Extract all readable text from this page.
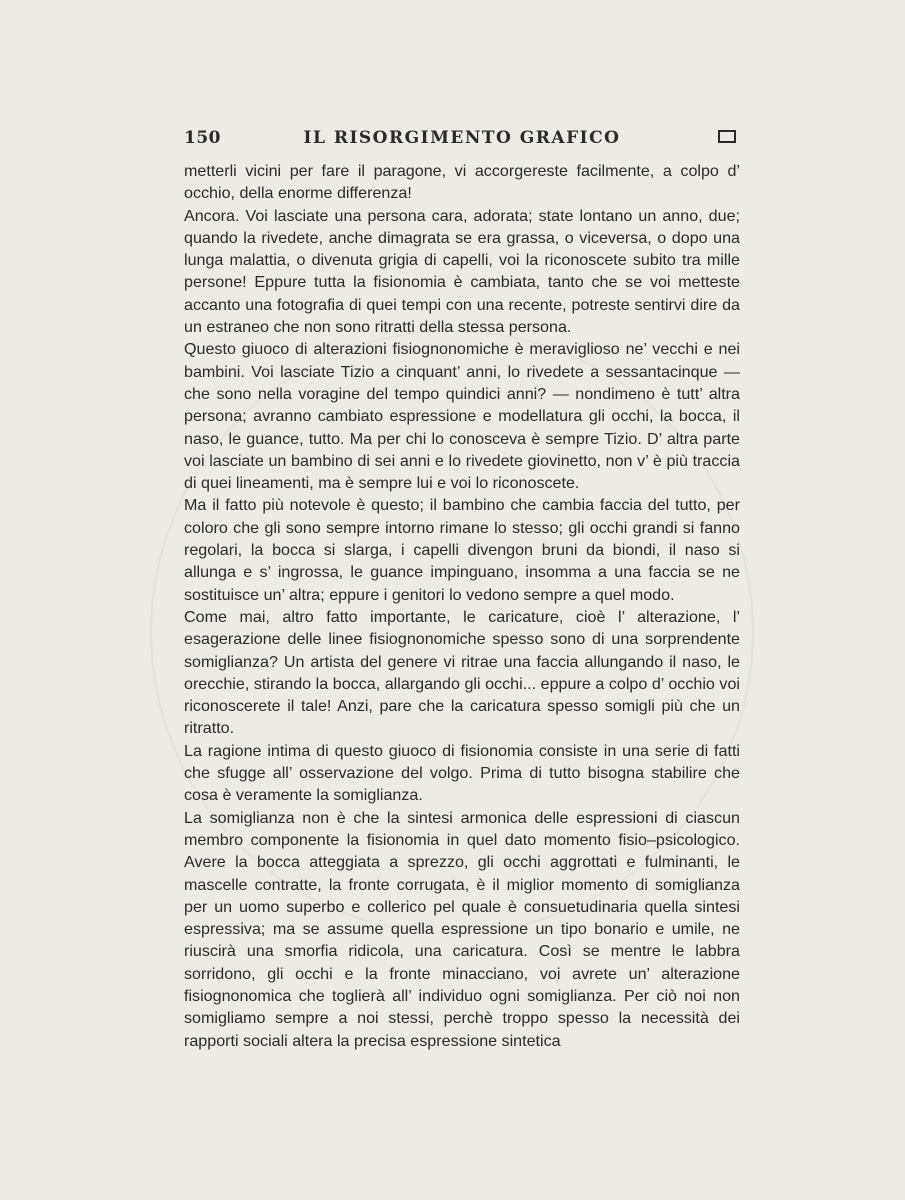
150	IL RISORGIMENTO GRAFICO

metterli vicini per fare il paragone, vi accorgereste facilmente, a colpo d’ occhio, della enorme differenza!

Ancora. Voi lasciate una persona cara, adorata; state lontano un anno, due; quando la rivedete, anche dimagrata se era grassa, o viceversa, o dopo una lunga malattia, o divenuta grigia di capelli, voi la riconoscete subito tra mille persone! Eppure tutta la fisionomia è cambiata, tanto che se voi metteste accanto una fotografia di quei tempi con una recente, potreste sentirvi dire da un estraneo che non sono ritratti della stessa persona.

Questo giuoco di alterazioni fisiognonomiche è meraviglioso ne’ vecchi e nei bambini. Voi lasciate Tizio a cinquant’ anni, lo rivedete a sessantacinque — che sono nella voragine del tempo quindici anni? — nondimeno è tutt’ altra persona; avranno cambiato espressione e modellatura gli occhi, la bocca, il naso, le guance, tutto. Ma per chi lo conosceva è sempre Tizio. D’ altra parte voi lasciate un bambino di sei anni e lo rivedete giovinetto, non v’ è più traccia di quei lineamenti, ma è sempre lui e voi lo riconoscete.

Ma il fatto più notevole è questo; il bambino che cambia faccia del tutto, per coloro che gli sono sempre intorno rimane lo stesso; gli occhi grandi si fanno regolari, la bocca si slarga, i capelli divengon bruni da biondi, il naso si allunga e s’ ingrossa, le guance impinguano, insomma a una faccia se ne sostituisce un’ altra; eppure i genitori lo vedono sempre a quel modo.

Come mai, altro fatto importante, le caricature, cioè l’ alterazione, l’ esagerazione delle linee fisiognonomiche spesso sono di una sorprendente somiglianza? Un artista del genere vi ritrae una faccia allungando il naso, le orecchie, stirando la bocca, allargando gli occhi... eppure a colpo d’ occhio voi riconoscerete il tale! Anzi, pare che la caricatura spesso somigli più che un ritratto.

La ragione intima di questo giuoco di fisionomia consiste in una serie di fatti che sfugge all’ osservazione del volgo. Prima di tutto bisogna stabilire che cosa è veramente la somiglianza.

La somiglianza non è che la sintesi armonica delle espressioni di ciascun membro componente la fisionomia in quel dato momento fisio–psicologico. Avere la bocca atteggiata a sprezzo, gli occhi aggrottati e fulminanti, le mascelle contratte, la fronte corrugata, è il miglior momento di somiglianza per un uomo superbo e collerico pel quale è consuetudinaria quella sintesi espressiva; ma se assume quella espressione un tipo bonario e umile, ne riuscirà una smorfia ridicola, una caricatura. Così se mentre le labbra sorridono, gli occhi e la fronte minacciano, voi avrete un’ alterazione fisiognonomica che toglierà all’ individuo ogni somiglianza. Per ciò noi non somigliamo sempre a noi stessi, perchè troppo spesso la necessità dei rapporti sociali altera la precisa espressione sintetica
